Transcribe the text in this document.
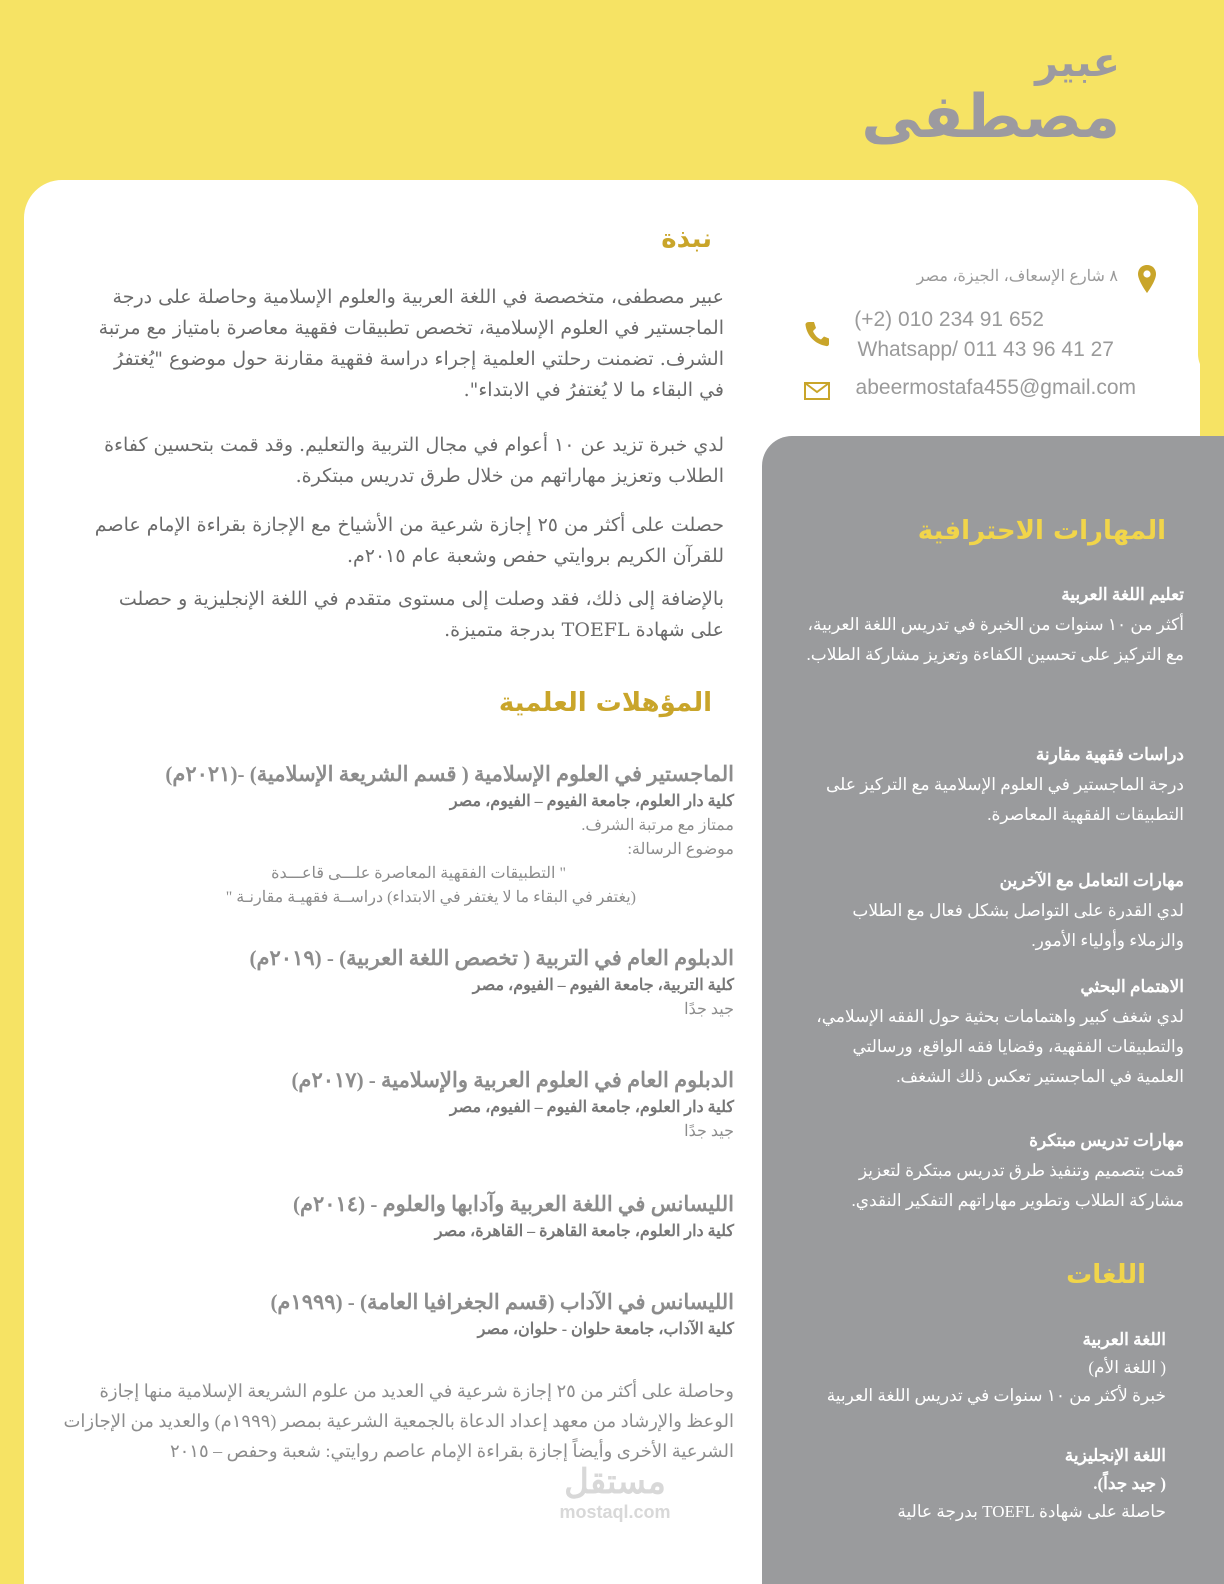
عبير
مصطفى
٨ شارع الإسعاف، الجيزة، مصر
(+2) 010 234 91 652
Whatsapp/ 011 43 96 41 27
abeermostafa455@gmail.com
نبذة
عبير مصطفى، متخصصة في اللغة العربية والعلوم الإسلامية وحاصلة على درجة الماجستير في العلوم الإسلامية، تخصص تطبيقات فقهية معاصرة بامتياز مع مرتبة الشرف. تضمنت رحلتي العلمية إجراء دراسة فقهية مقارنة حول موضوع "يُغتفرُ في البقاء ما لا يُغتفرُ في الابتداء".
لدي خبرة تزيد عن ١٠ أعوام في مجال التربية والتعليم. وقد قمت بتحسين كفاءة الطلاب وتعزيز مهاراتهم من خلال طرق تدريس مبتكرة.
حصلت على أكثر من ٢٥ إجازة شرعية من الأشياخ مع الإجازة بقراءة الإمام عاصم للقرآن الكريم بروايتي حفص وشعبة عام ٢٠١٥م.
بالإضافة إلى ذلك، فقد وصلت إلى مستوى متقدم في اللغة الإنجليزية و حصلت على شهادة TOEFL بدرجة متميزة.
المؤهلات العلمية
الماجستير في العلوم الإسلامية ( قسم الشريعة الإسلامية) -(٢٠٢١م)
كلية دار العلوم، جامعة الفيوم – الفيوم، مصر
ممتاز مع مرتبة الشرف.
موضوع الرسالة:
" التطبيقات الفقهية المعاصرة علـــى قاعـــدة
(يغتفر في البقاء ما لا يغتفر في الابتداء) دراســة فقهيـة مقارنـة "
الدبلوم العام في التربية ( تخصص اللغة العربية) - (٢٠١٩م)
كلية التربية، جامعة الفيوم – الفيوم، مصر
جيد جدًا
الدبلوم العام في العلوم العربية والإسلامية - (٢٠١٧م)
كلية دار العلوم، جامعة الفيوم – الفيوم، مصر
جيد جدًا
الليسانس في اللغة العربية وآدابها والعلوم - (٢٠١٤م)
كلية دار العلوم، جامعة القاهرة – القاهرة، مصر
الليسانس في الآداب (قسم الجغرافيا العامة) - (١٩٩٩م)
كلية الآداب، جامعة حلوان - حلوان، مصر
وحاصلة على أكثر من ٢٥ إجازة شرعية في العديد من علوم الشريعة الإسلامية منها إجازة الوعظ والإرشاد من معهد إعداد الدعاة بالجمعية الشرعية بمصر (١٩٩٩م) والعديد من الإجازات الشرعية الأخرى وأيضاً إجازة بقراءة الإمام عاصم روايتي: شعبة وحفص – ٢٠١٥
المهارات الاحترافية
تعليم اللغة العربية
أكثر من ١٠ سنوات من الخبرة في تدريس اللغة العربية، مع التركيز على تحسين الكفاءة وتعزيز مشاركة الطلاب.
دراسات فقهية مقارنة
درجة الماجستير في العلوم الإسلامية مع التركيز على التطبيقات الفقهية المعاصرة.
مهارات التعامل مع الآخرين
لدي القدرة على التواصل بشكل فعال مع الطلاب والزملاء وأولياء الأمور.
الاهتمام البحثي
لدي شغف كبير واهتمامات بحثية حول الفقه الإسلامي، والتطبيقات الفقهية، وقضايا فقه الواقع، ورسالتي العلمية في الماجستير تعكس ذلك الشغف.
مهارات تدريس مبتكرة
قمت بتصميم وتنفيذ طرق تدريس مبتكرة لتعزيز مشاركة الطلاب وتطوير مهاراتهم التفكير النقدي.
اللغات
اللغة العربية
( اللغة الأم)
خبرة لأكثر من ١٠ سنوات في تدريس اللغة العربية
اللغة الإنجليزية
( جيد جداً).
حاصلة على شهادة TOEFL بدرجة عالية
مستقل
mostaql.com
